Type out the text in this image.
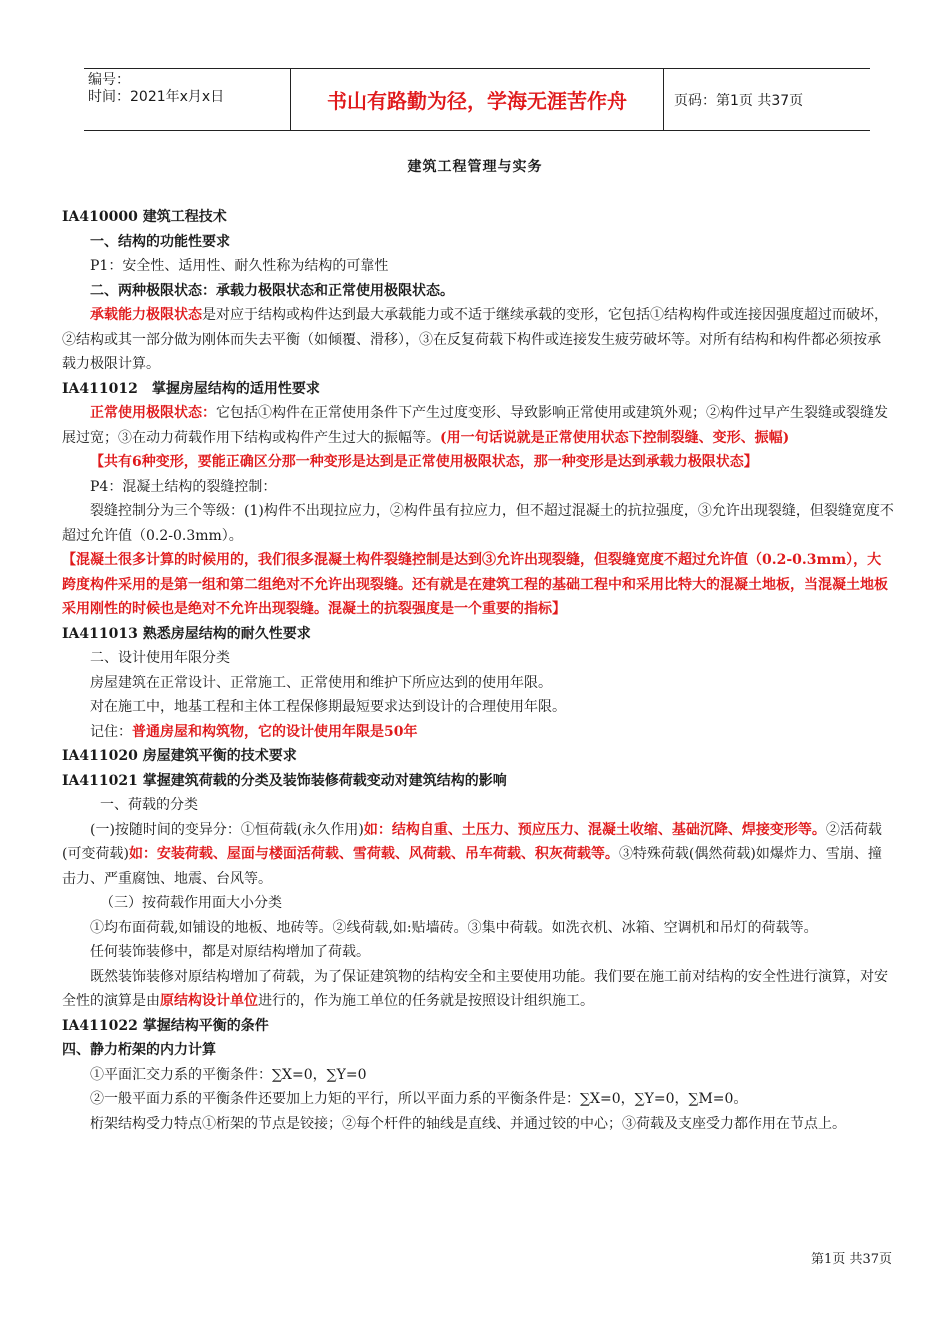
编号：
时间：2021年x月x日	书山有路勤为径，学海无涯苦作舟	页码：第1页 共37页
建筑工程管理与实务

IA410000 建筑工程技术

一、结构的功能性要求

P1：安全性、适用性、耐久性称为结构的可靠性

二、两种极限状态：承载力极限状态和正常使用极限状态。

承载能力极限状态是对应于结构或构件达到最大承载能力或不适于继续承载的变形，它包括①结构构件或连接因强度超过而破坏，②结构或其一部分做为刚体而失去平衡（如倾覆、滑移），③在反复荷载下构件或连接发生疲劳破坏等。对所有结构和构件都必须按承载力极限计算。

IA411012　掌握房屋结构的适用性要求

正常使用极限状态：它包括①构件在正常使用条件下产生过度变形、导致影响正常使用或建筑外观；②构件过早产生裂缝或裂缝发展过宽；③在动力荷载作用下结构或构件产生过大的振幅等。(用一句话说就是正常使用状态下控制裂缝、变形、振幅)

【共有6种变形，要能正确区分那一种变形是达到是正常使用极限状态，那一种变形是达到承载力极限状态】

P4：混凝土结构的裂缝控制：

裂缝控制分为三个等级：(1)构件不出现拉应力，②构件虽有拉应力，但不超过混凝土的抗拉强度，③允许出现裂缝，但裂缝宽度不超过允许值（0.2-0.3mm）。

【混凝土很多计算的时候用的，我们很多混凝土构件裂缝控制是达到③允许出现裂缝，但裂缝宽度不超过允许值（0.2-0.3mm），大跨度构件采用的是第一组和第二组绝对不允许出现裂缝。还有就是在建筑工程的基础工程中和采用比特大的混凝土地板，当混凝土地板采用刚性的时候也是绝对不允许出现裂缝。混凝土的抗裂强度是一个重要的指标】

IA411013 熟悉房屋结构的耐久性要求

二、设计使用年限分类

房屋建筑在正常设计、正常施工、正常使用和维护下所应达到的使用年限。

对在施工中，地基工程和主体工程保修期最短要求达到设计的合理使用年限。

记住：普通房屋和构筑物，它的设计使用年限是50年

IA411020 房屋建筑平衡的技术要求

IA411021 掌握建筑荷载的分类及装饰装修荷载变动对建筑结构的影响

一、荷载的分类

(一)按随时间的变异分：①恒荷载(永久作用)如：结构自重、土压力、预应压力、混凝土收缩、基础沉降、焊接变形等。②活荷载(可变荷载)如：安装荷载、屋面与楼面活荷载、雪荷载、风荷载、吊车荷载、积灰荷载等。③特殊荷载(偶然荷载)如爆炸力、雪崩、撞击力、严重腐蚀、地震、台风等。

（三）按荷载作用面大小分类

①均布面荷载,如铺设的地板、地砖等。②线荷载,如:贴墙砖。③集中荷载。如洗衣机、冰箱、空调机和吊灯的荷载等。

任何装饰装修中，都是对原结构增加了荷载。

既然装饰装修对原结构增加了荷载，为了保证建筑物的结构安全和主要使用功能。我们要在施工前对结构的安全性进行演算，对安全性的演算是由原结构设计单位进行的，作为施工单位的任务就是按照设计组织施工。

IA411022 掌握结构平衡的条件

四、静力桁架的内力计算

①平面汇交力系的平衡条件：∑X=0，∑Y=0

②一般平面力系的平衡条件还要加上力矩的平行，所以平面力系的平衡条件是：∑X=0，∑Y=0，∑M=0。

桁架结构受力特点①桁架的节点是铰接；②每个杆件的轴线是直线、并通过铰的中心；③荷载及支座受力都作用在节点上。

第1页 共37页
